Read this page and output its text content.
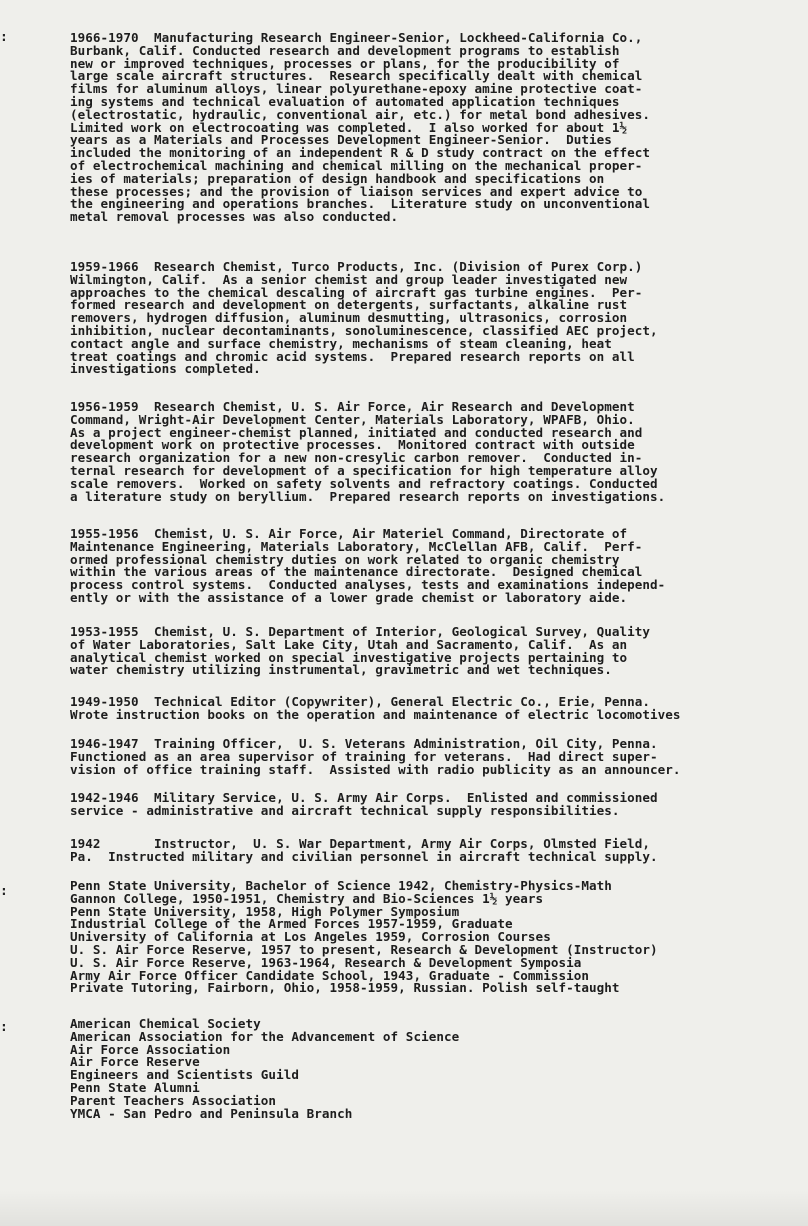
:
:
:

1966-1970  Manufacturing Research Engineer-Senior, Lockheed-California Co.,
Burbank, Calif. Conducted research and development programs to establish
new or improved techniques, processes or plans, for the producibility of
large scale aircraft structures.  Research specifically dealt with chemical
films for aluminum alloys, linear polyurethane-epoxy amine protective coat-
ing systems and technical evaluation of automated application techniques
(electrostatic, hydraulic, conventional air, etc.) for metal bond adhesives.
Limited work on electrocoating was completed.  I also worked for about 1½
years as a Materials and Processes Development Engineer-Senior.  Duties
included the monitoring of an independent R & D study contract on the effect
of electrochemical machining and chemical milling on the mechanical proper-
ies of materials; preparation of design handbook and specifications on
these processes; and the provision of liaison services and expert advice to
the engineering and operations branches.  Literature study on unconventional
metal removal processes was also conducted.

1959-1966  Research Chemist, Turco Products, Inc. (Division of Purex Corp.)
Wilmington, Calif.  As a senior chemist and group leader investigated new
approaches to the chemical descaling of aircraft gas turbine engines.  Per-
formed research and development on detergents, surfactants, alkaline rust
removers, hydrogen diffusion, aluminum desmutting, ultrasonics, corrosion
inhibition, nuclear decontaminants, sonoluminescence, classified AEC project,
contact angle and surface chemistry, mechanisms of steam cleaning, heat
treat coatings and chromic acid systems.  Prepared research reports on all
investigations completed.

1956-1959  Research Chemist, U. S. Air Force, Air Research and Development
Command, Wright-Air Development Center, Materials Laboratory, WPAFB, Ohio.
As a project engineer-chemist planned, initiated and conducted research and
development work on protective processes.  Monitored contract with outside
research organization for a new non-cresylic carbon remover.  Conducted in-
ternal research for development of a specification for high temperature alloy
scale removers.  Worked on safety solvents and refractory coatings. Conducted
a literature study on beryllium.  Prepared research reports on investigations.

1955-1956  Chemist, U. S. Air Force, Air Materiel Command, Directorate of
Maintenance Engineering, Materials Laboratory, McClellan AFB, Calif.  Perf-
ormed professional chemistry duties on work related to organic chemistry
within the various areas of the maintenance directorate.  Designed chemical
process control systems.  Conducted analyses, tests and examinations independ-
ently or with the assistance of a lower grade chemist or laboratory aide.

1953-1955  Chemist, U. S. Department of Interior, Geological Survey, Quality
of Water Laboratories, Salt Lake City, Utah and Sacramento, Calif.  As an
analytical chemist worked on special investigative projects pertaining to
water chemistry utilizing instrumental, gravimetric and wet techniques.

1949-1950  Technical Editor (Copywriter), General Electric Co., Erie, Penna.
Wrote instruction books on the operation and maintenance of electric locomotives

1946-1947  Training Officer,  U. S. Veterans Administration, Oil City, Penna.
Functioned as an area supervisor of training for veterans.  Had direct super-
vision of office training staff.  Assisted with radio publicity as an announcer.

1942-1946  Military Service, U. S. Army Air Corps.  Enlisted and commissioned
service - administrative and aircraft technical supply responsibilities.

1942       Instructor,  U. S. War Department, Army Air Corps, Olmsted Field,
Pa.  Instructed military and civilian personnel in aircraft technical supply.

Penn State University, Bachelor of Science 1942, Chemistry-Physics-Math
Gannon College, 1950-1951, Chemistry and Bio-Sciences 1½ years
Penn State University, 1958, High Polymer Symposium
Industrial College of the Armed Forces 1957-1959, Graduate
University of California at Los Angeles 1959, Corrosion Courses
U. S. Air Force Reserve, 1957 to present, Research & Development (Instructor)
U. S. Air Force Reserve, 1963-1964, Research & Development Symposia
Army Air Force Officer Candidate School, 1943, Graduate - Commission
Private Tutoring, Fairborn, Ohio, 1958-1959, Russian. Polish self-taught
American Chemical Society
American Association for the Advancement of Science
Air Force Association
Air Force Reserve
Engineers and Scientists Guild
Penn State Alumni
Parent Teachers Association
YMCA - San Pedro and Peninsula Branch
